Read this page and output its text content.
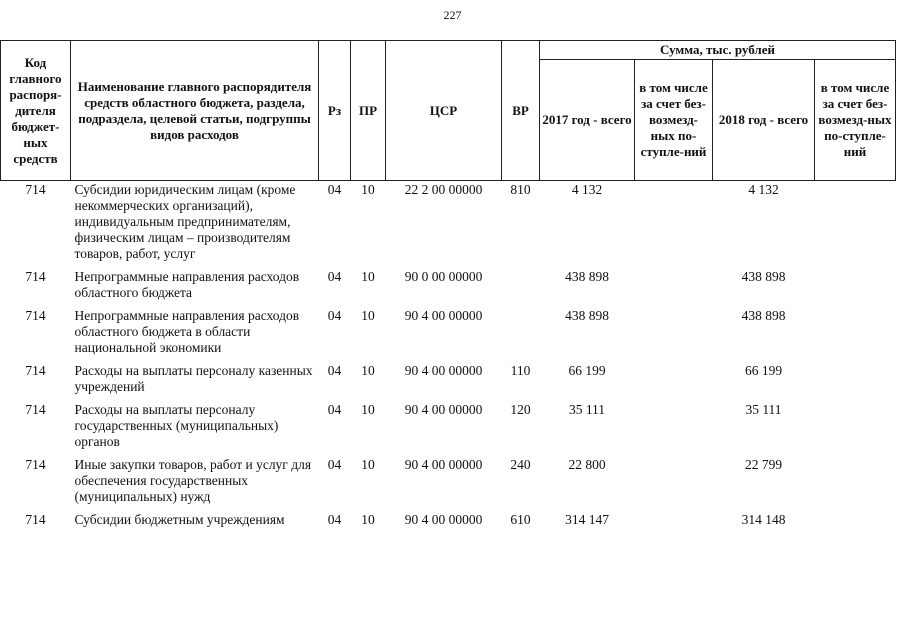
227
Код главного распоря-дителя бюджет-ных средств	Наименование главного распорядителя средств областного бюджета, раздела, подраздела, целевой статьи, подгруппы видов расходов	Рз	ПР	ЦСР	ВР	Сумма, тыс. рублей			
						2017 год - всего	в том числе за счет без-возмезд-ных по-ступле-ний	2018 год - всего	в том числе за счет без-возмезд-ных по-ступле-ний
714	Субсидии юридическим лицам (кроме некоммерческих организаций), индивидуальным предпринимателям, физическим лицам – производителям товаров, работ, услуг	04	10	22 2 00 00000	810	4 132		4 132	
714	Непрограммные направления расходов областного бюджета	04	10	90 0 00 00000		438 898		438 898	
714	Непрограммные направления расходов областного бюджета в области национальной экономики	04	10	90 4 00 00000		438 898		438 898	
714	Расходы на выплаты персоналу казенных учреждений	04	10	90 4 00 00000	110	66 199		66 199	
714	Расходы на выплаты персоналу государственных (муниципальных) органов	04	10	90 4 00 00000	120	35 111		35 111	
714	Иные закупки товаров, работ и услуг для обеспечения государственных (муниципальных) нужд	04	10	90 4 00 00000	240	22 800		22 799	
714	Субсидии бюджетным учреждениям	04	10	90 4 00 00000	610	314 147		314 148	
